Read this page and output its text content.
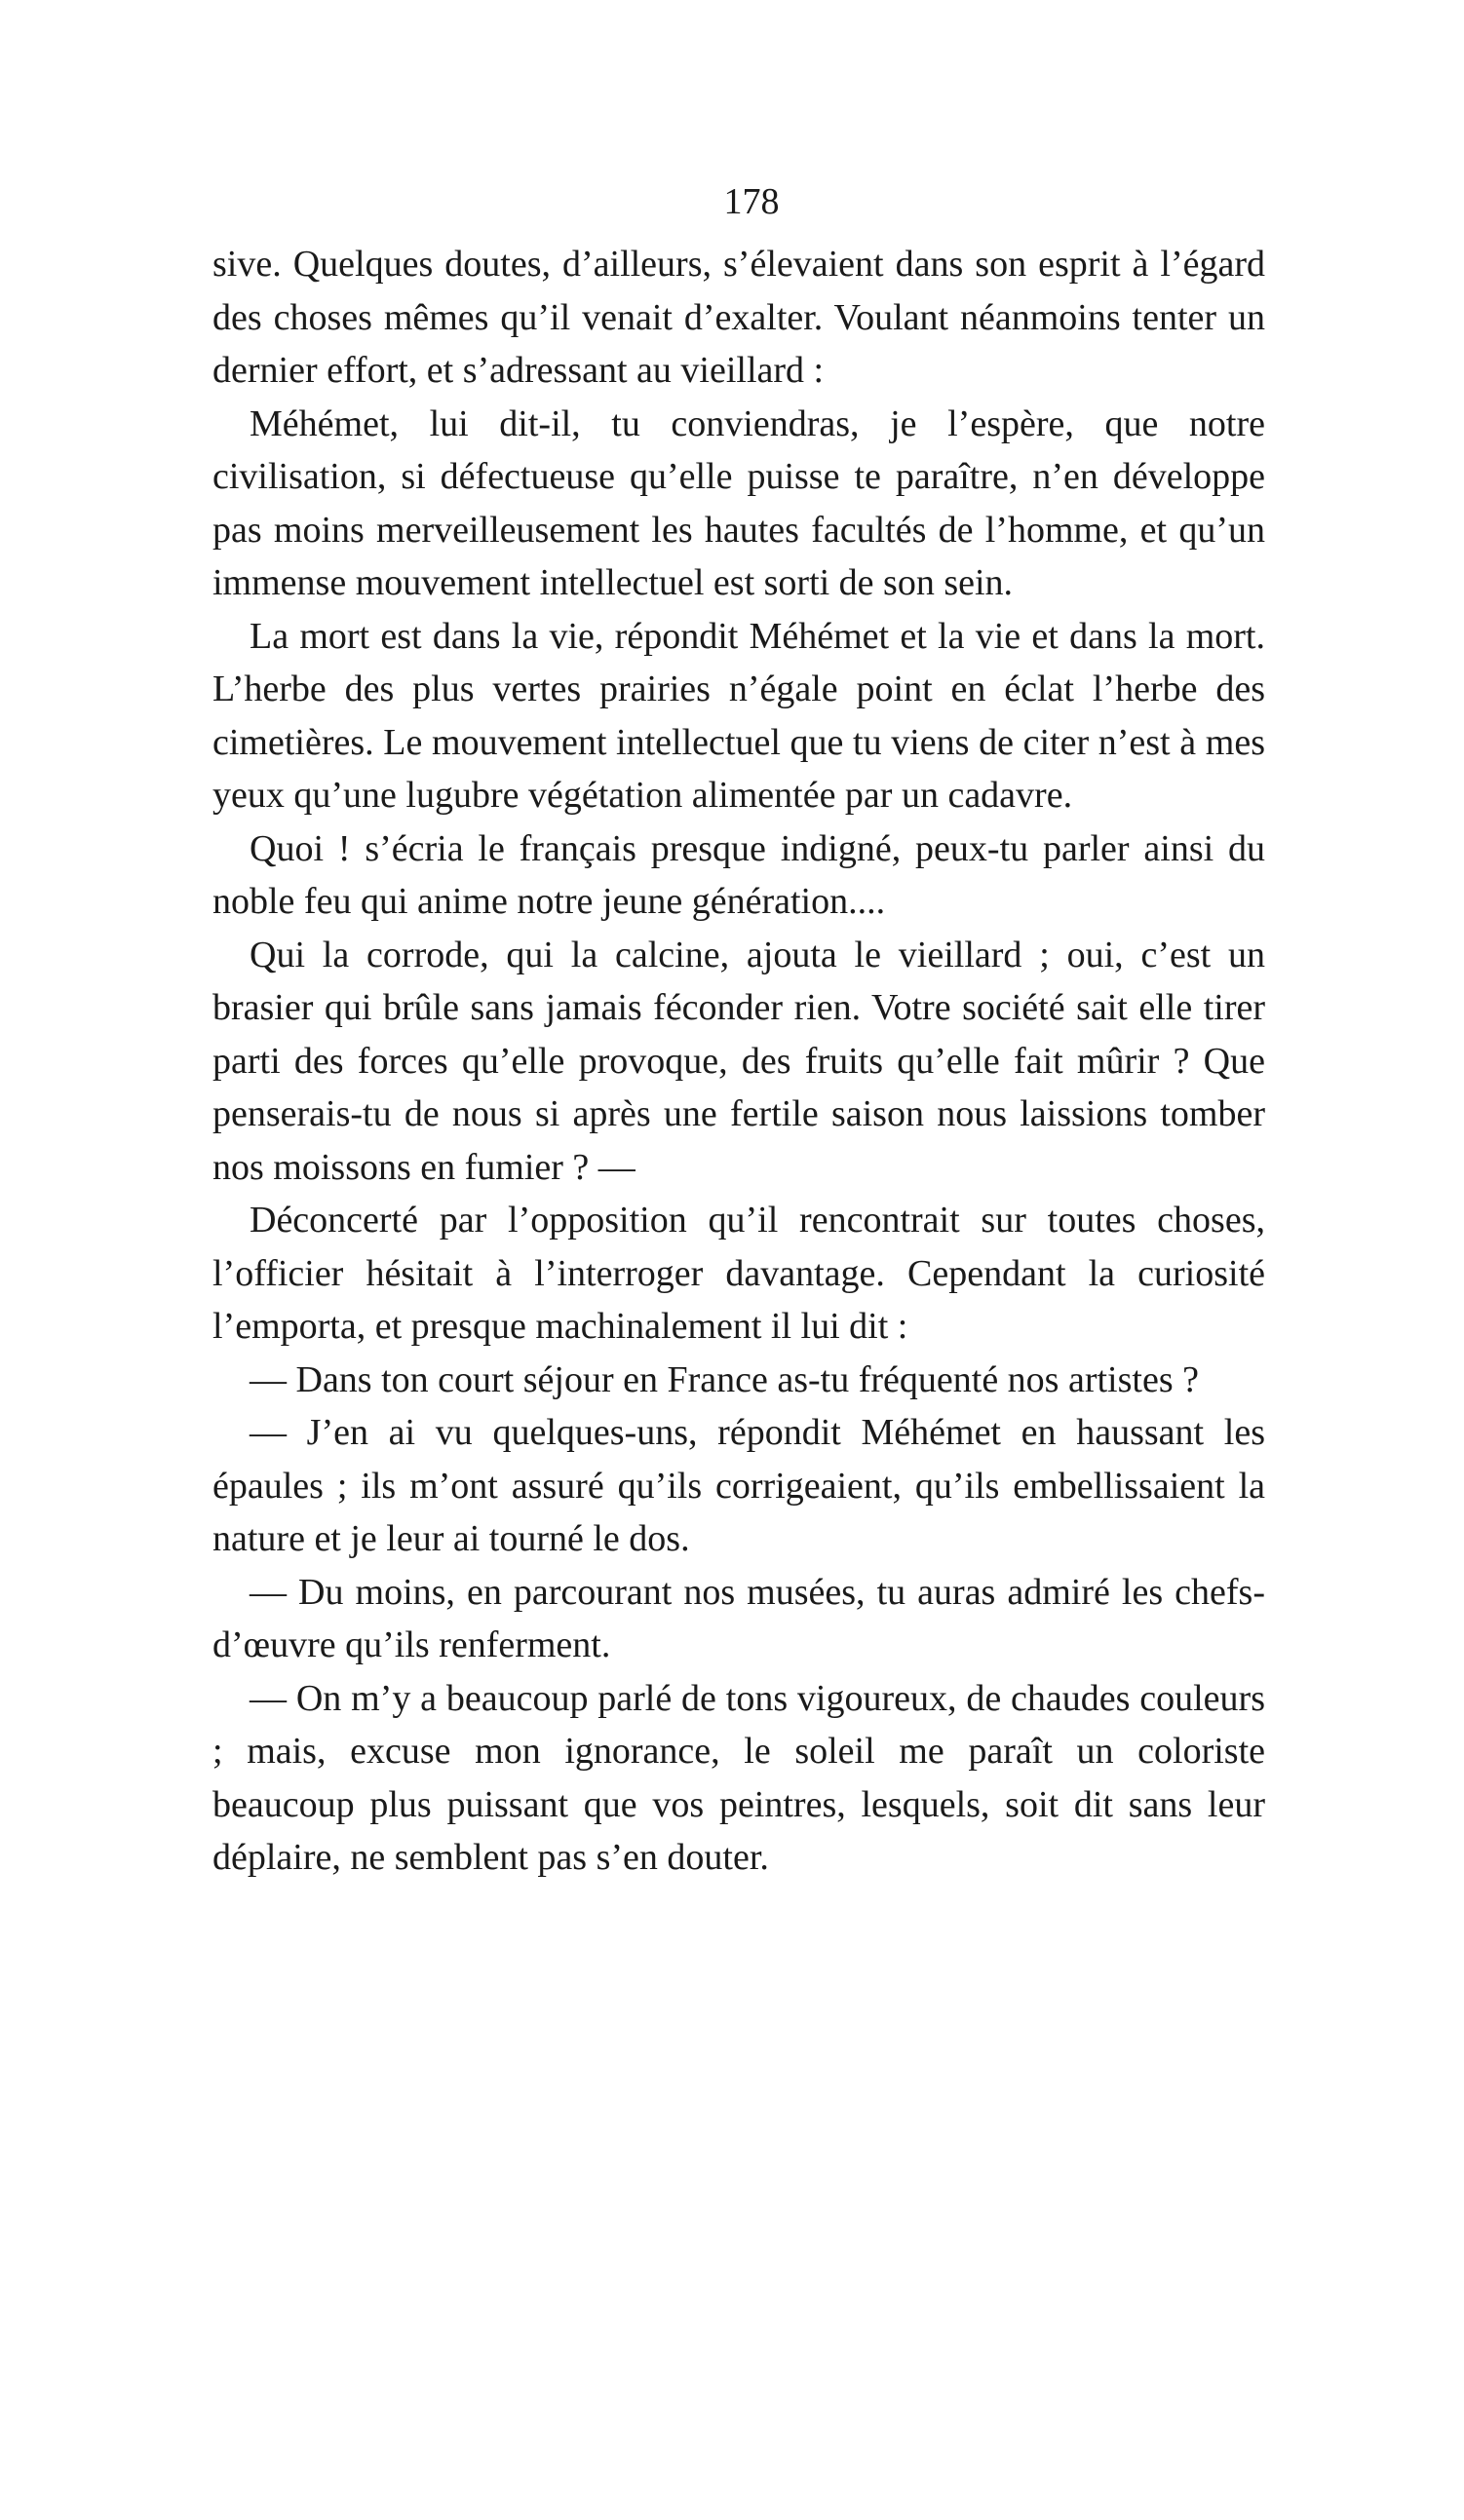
178

sive. Quelques doutes, d’ailleurs, s’élevaient dans son esprit à l’égard des choses mêmes qu’il venait d’exalter. Voulant néanmoins tenter un dernier effort, et s’adressant au vieillard :

Méhémet, lui dit-il, tu conviendras, je l’espère, que notre civilisation, si défectueuse qu’elle puisse te paraître, n’en développe pas moins merveilleusement les hautes facultés de l’homme, et qu’un immense mouvement intellectuel est sorti de son sein.

La mort est dans la vie, répondit Méhémet et la vie et dans la mort. L’herbe des plus vertes prairies n’égale point en éclat l’herbe des cimetières. Le mouvement intellectuel que tu viens de citer n’est à mes yeux qu’une lugubre végétation alimentée par un cadavre.

Quoi ! s’écria le français presque indigné, peux-tu parler ainsi du noble feu qui anime notre jeune génération....

Qui la corrode, qui la calcine, ajouta le vieillard ; oui, c’est un brasier qui brûle sans jamais féconder rien. Votre société sait elle tirer parti des forces qu’elle provoque, des fruits qu’elle fait mûrir ? Que penserais-tu de nous si après une fertile saison nous laissions tomber nos moissons en fumier ? —

Déconcerté par l’opposition qu’il rencontrait sur toutes choses, l’officier hésitait à l’interroger davantage. Cependant la curiosité l’emporta, et presque machinalement il lui dit :

— Dans ton court séjour en France as-tu fréquenté nos artistes ?

— J’en ai vu quelques-uns, répondit Méhémet en haussant les épaules ; ils m’ont assuré qu’ils corrigeaient, qu’ils embellissaient la nature et je leur ai tourné le dos.

— Du moins, en parcourant nos musées, tu auras admiré les chefs-d’œuvre qu’ils renferment.

— On m’y a beaucoup parlé de tons vigoureux, de chaudes couleurs ; mais, excuse mon ignorance, le soleil me paraît un coloriste beaucoup plus puissant que vos peintres, lesquels, soit dit sans leur déplaire, ne semblent pas s’en douter.
